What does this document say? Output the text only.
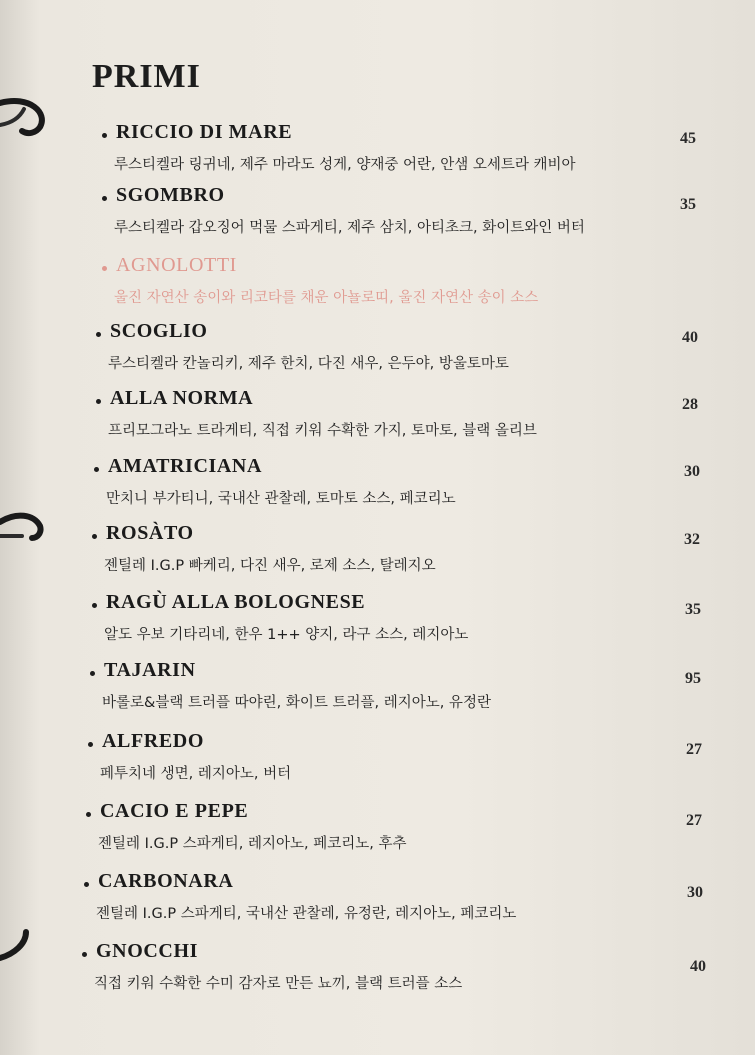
PRIMI
RICCIO DI MARE
루스티켈라 링귀네, 제주 마라도 성게, 양재중 어란, 안샘 오세트라 캐비아
45
SGOMBRO
루스티켈라 갑오징어 먹물 스파게티, 제주 삼치, 아티초크, 화이트와인 버터
35
AGNOLOTTI
울진 자연산 송이와 리코타를 채운 아뇰로띠, 울진 자연산 송이 소스
SCOGLIO
루스티켈라 칸놀리키, 제주 한치, 다진 새우, 은두야, 방울토마토
40
ALLA NORMA
프리모그라노 트라게티, 직접 키워 수확한 가지, 토마토, 블랙 올리브
28
AMATRICIANA
만치니 부가티니, 국내산 관찰레, 토마토 소스, 페코리노
30
ROSÀTO
젠틸레 I.G.P 빠케리, 다진 새우, 로제 소스, 탈레지오
32
RAGÙ ALLA BOLOGNESE
알도 우보 기타리네, 한우 1++ 양지, 라구 소스, 레지아노
35
TAJARIN
바롤로&블랙 트러플 따야린, 화이트 트러플, 레지아노, 유정란
95
ALFREDO
페투치네 생면, 레지아노, 버터
27
CACIO E PEPE
젠틸레 I.G.P 스파게티, 레지아노, 페코리노, 후추
27
CARBONARA
젠틸레 I.G.P 스파게티, 국내산 관찰레, 유정란, 레지아노, 페코리노
30
GNOCCHI
직접 키워 수확한 수미 감자로 만든 뇨끼, 블랙 트러플 소스
40
